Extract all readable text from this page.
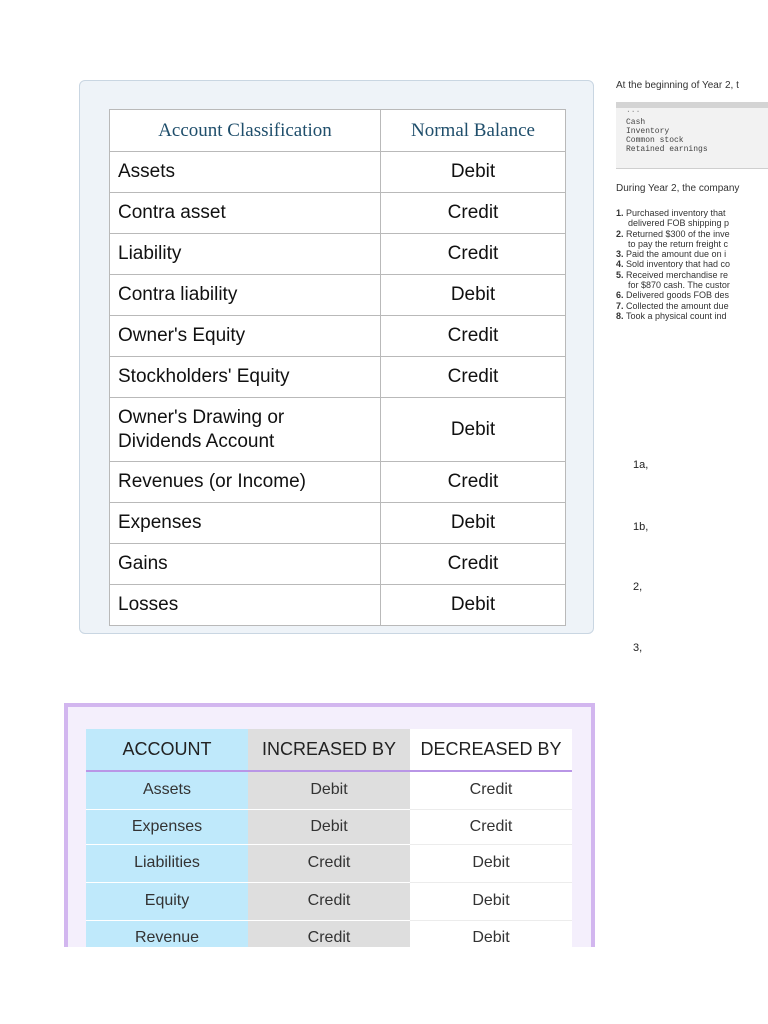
Account Classification	Normal Balance
Assets	Debit
Contra asset	Credit
Liability	Credit
Contra liability	Debit
Owner's Equity	Credit
Stockholders' Equity	Credit
Owner's Drawing or
Dividends Account	Debit
Revenues (or Income)	Credit
Expenses	Debit
Gains	Credit
Losses	Debit
At the beginning of Year 2, t
...
Cash
Inventory
Common stock
Retained earnings
During Year 2, the company
1. Purchased inventory that
delivered FOB shipping p
2. Returned $300 of the inve
to pay the return freight c
3. Paid the amount due on i
4. Sold inventory that had co
5. Received merchandise re
for $870 cash. The custor
6. Delivered goods FOB des
7. Collected the amount due
8. Took a physical count ind
1a,
1b,
2,
3,
ACCOUNT	INCREASED BY	DECREASED BY
Assets	Debit	Credit
Expenses	Debit	Credit
Liabilities	Credit	Debit
Equity	Credit	Debit
Revenue	Credit	Debit
